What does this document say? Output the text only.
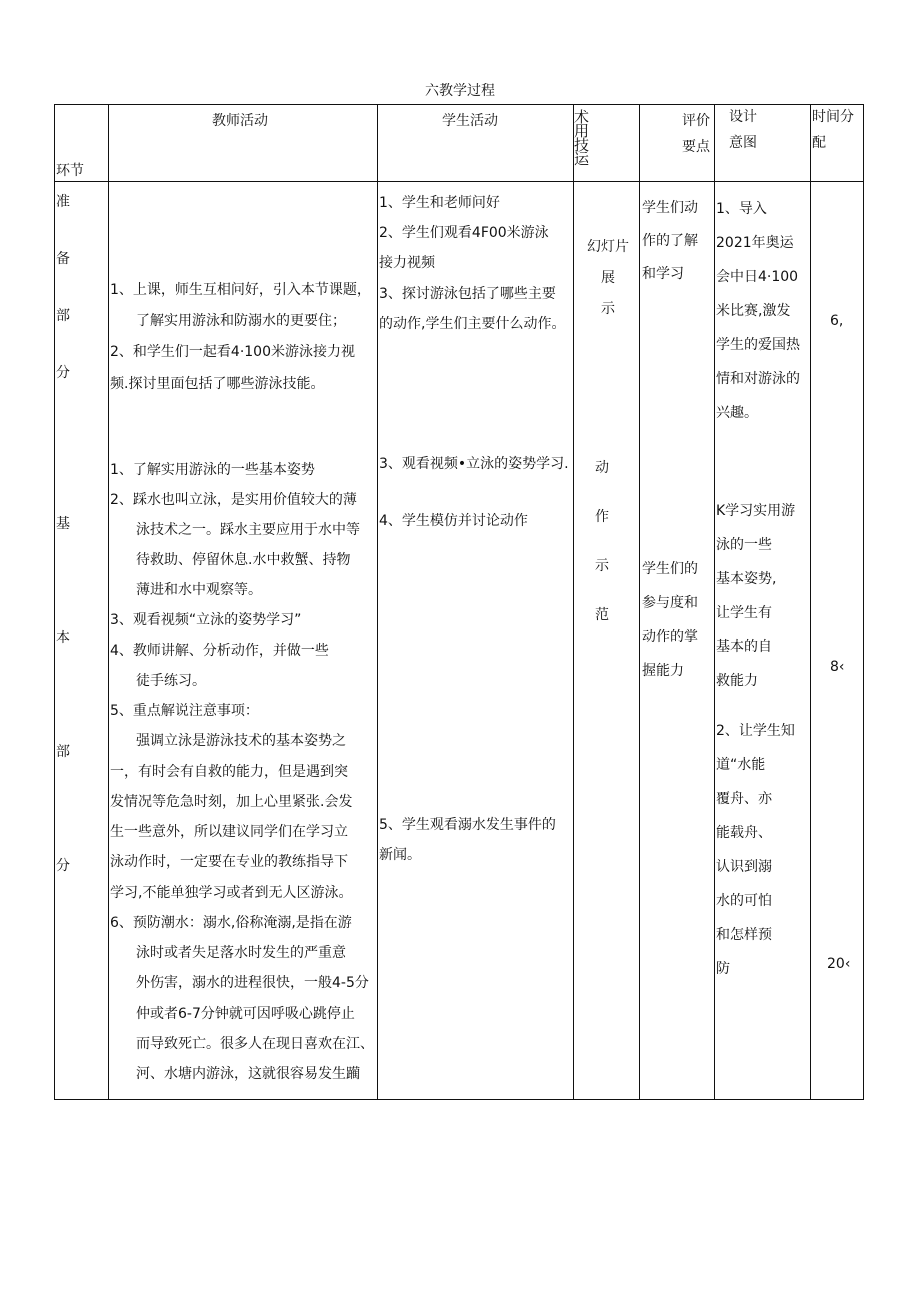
六教学过程
环节
教师活动	学生活动	术
用
技
运
评价
要点
设计
意图
时间分
配
准
备
部
分
1、上课，师生互相问好，引入本节课题，
了解实用游泳和防溺水的更要住；
2、和学生们一起看4·100米游泳接力视
频.探讨里面包括了哪些游泳技能。
1、学生和老师问好
2、学生们观看4F00米游泳
接力视频
3、探讨游泳包括了哪些主要
的动作,学生们主要什么动作。
幻灯片
展
示
学生们动
作的了解
和学习
1、导入
2021年奥运
会中日4·100
米比赛,激发
学生的爱国热
情和对游泳的
兴趣。
6,
基

本

部

分
1、了解实用游泳的一些基本姿势
2、踩水也叫立泳，是实用价值较大的薄
泳技术之一。踩水主要应用于水中等
待救助、停留休息.水中救蟹、持物
薄进和水中观察等。
3、观看视频“立泳的姿势学习”
4、教师讲解、分析动作，并做一些
徒手练习。
5、重点解说注意事项：
强调立泳是游泳技术的基本姿势之
一，有时会有自救的能力，但是遇到突
发情况等危急时刻，加上心里紧张.会发
生一些意外，所以建议同学们在学习立
泳动作时，一定要在专业的教练指导下
学习,不能单独学习或者到无人区游泳。
6、预防潮水：溺水,俗称淹溺,是指在游
泳时或者失足落水时发生的严重意
外伤害，溺水的进程很快，一般4-5分
仲或者6-7分钟就可因呼吸心跳停止
而导致死亡。很多人在现日喜欢在江、
河、水塘内游泳，这就很容易发生躏
3、观看视频•立泳的姿势学习.
4、学生模仿并讨论动作
5、学生观看溺水发生事件的
新闻。
动
作
示
范
学生们的
参与度和
动作的掌
握能力
K学习实用游
泳的一些
基本姿势,
让学生有
基本的自
救能力
2、让学生知
道“水能
覆舟、亦
能载舟、
认识到溺
水的可怕
和怎样预
防
8‹
20‹
